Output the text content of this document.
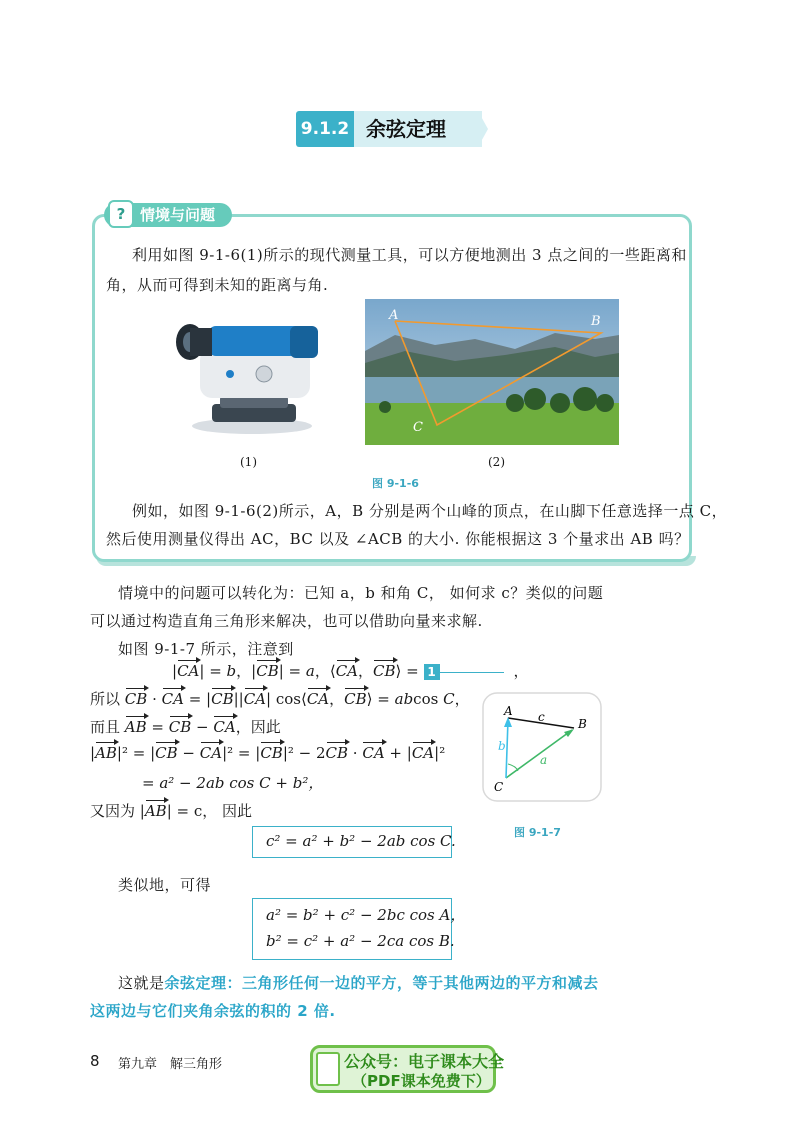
9.1.2 余弦定理
? 情境与问题
利用如图 9-1-6(1)所示的现代测量工具，可以方便地测出 3 点之间的一些距离和
角，从而可得到未知的距离与角.
(1)
A	B
C
(2)
图 9-1-6
例如，如图 9-1-6(2)所示，A，B 分别是两个山峰的顶点，在山脚下任意选择一点 C，
然后使用测量仪得出 AC，BC 以及 ∠ACB 的大小. 你能根据这 3 个量求出 AB 吗？
情境中的问题可以转化为：已知 a，b 和角 C， 如何求 c？类似的问题
可以通过构造直角三角形来解决，也可以借助向量来求解.
如图 9-1-7 所示，注意到
|CA| = b，|CB| = a，⟨CA，CB⟩ = 1	，
所以 CB · CA = |CB||CA| cos⟨CA，CB⟩ = abcos C，
而且 AB = CB − CA，因此
|AB|² = |CB − CA|² = |CB|² − 2CB · CA + |CA|²
= a² − 2ab cos C + b²，
又因为 |AB| = c， 因此
c² = a² + b² − 2ab cos C.
类似地，可得
a² = b² + c² − 2bc cos A，
b² = c² + a² − 2ca cos B.
这就是余弦定理：三角形任何一边的平方，等于其他两边的平方和减去
这两边与它们夹角余弦的积的 2 倍.
A
B
C
c
b
a
图 9-1-7
8 第九章　解三角形	公众号：电子课本大全
（PDF课本免费下）
